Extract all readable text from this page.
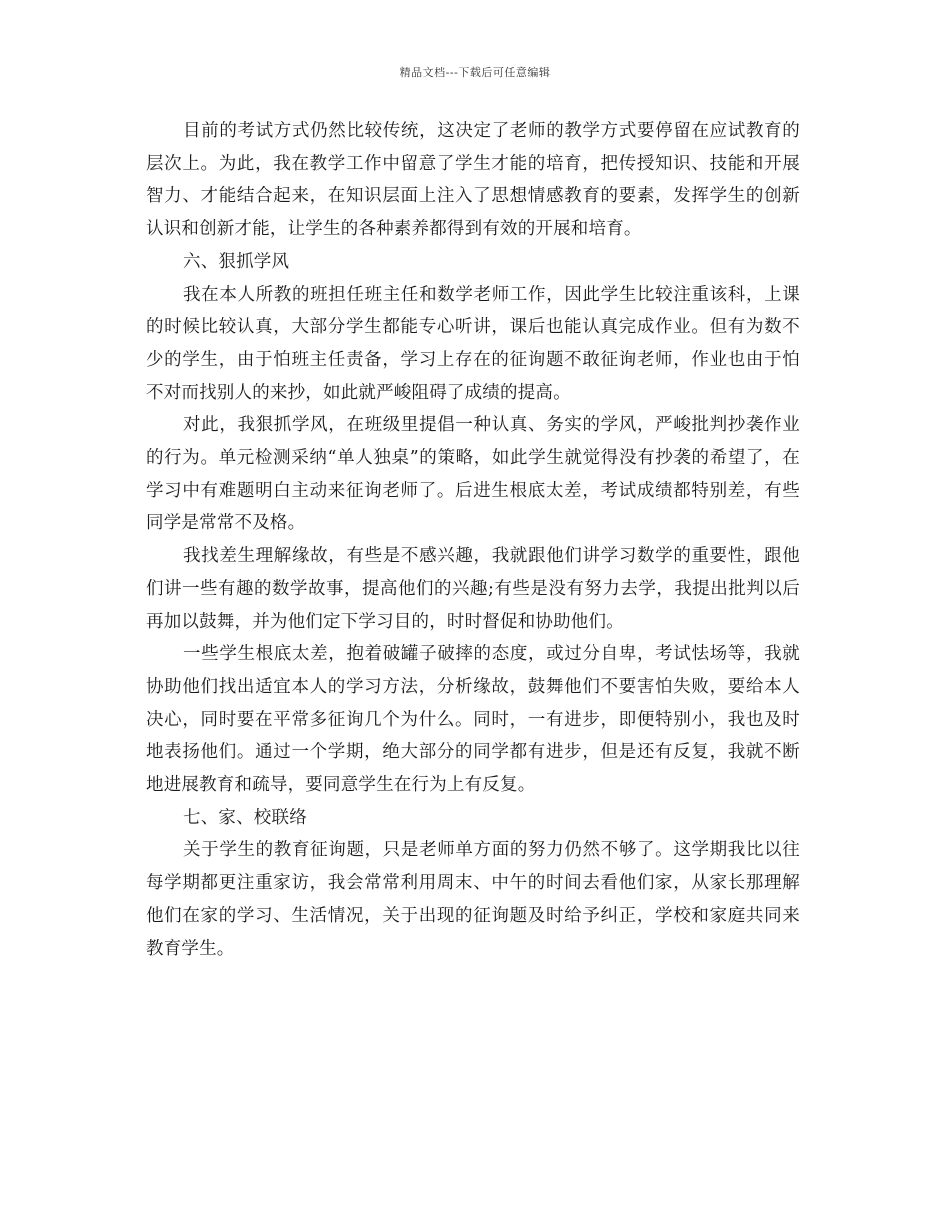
精品文档---下载后可任意编辑

目前的考试方式仍然比较传统，这决定了老师的教学方式要停留在应试教育的层次上。为此，我在教学工作中留意了学生才能的培育，把传授知识、技能和开展智力、才能结合起来，在知识层面上注入了思想情感教育的要素，发挥学生的创新认识和创新才能，让学生的各种素养都得到有效的开展和培育。

六、狠抓学风

我在本人所教的班担任班主任和数学老师工作，因此学生比较注重该科，上课的时候比较认真，大部分学生都能专心听讲，课后也能认真完成作业。但有为数不少的学生，由于怕班主任责备，学习上存在的征询题不敢征询老师，作业也由于怕不对而找别人的来抄，如此就严峻阻碍了成绩的提高。

对此，我狠抓学风，在班级里提倡一种认真、务实的学风，严峻批判抄袭作业的行为。单元检测采纳“单人独桌”的策略，如此学生就觉得没有抄袭的希望了，在学习中有难题明白主动来征询老师了。后进生根底太差，考试成绩都特别差，有些同学是常常不及格。

我找差生理解缘故，有些是不感兴趣，我就跟他们讲学习数学的重要性，跟他们讲一些有趣的数学故事，提高他们的兴趣;有些是没有努力去学，我提出批判以后再加以鼓舞，并为他们定下学习目的，时时督促和协助他们。

一些学生根底太差，抱着破罐子破摔的态度，或过分自卑，考试怯场等，我就协助他们找出适宜本人的学习方法，分析缘故，鼓舞他们不要害怕失败，要给本人决心，同时要在平常多征询几个为什么。同时，一有进步，即便特别小，我也及时地表扬他们。通过一个学期，绝大部分的同学都有进步，但是还有反复，我就不断地进展教育和疏导，要同意学生在行为上有反复。

七、家、校联络

关于学生的教育征询题，只是老师单方面的努力仍然不够了。这学期我比以往每学期都更注重家访，我会常常利用周末、中午的时间去看他们家，从家长那理解他们在家的学习、生活情况，关于出现的征询题及时给予纠正，学校和家庭共同来教育学生。
